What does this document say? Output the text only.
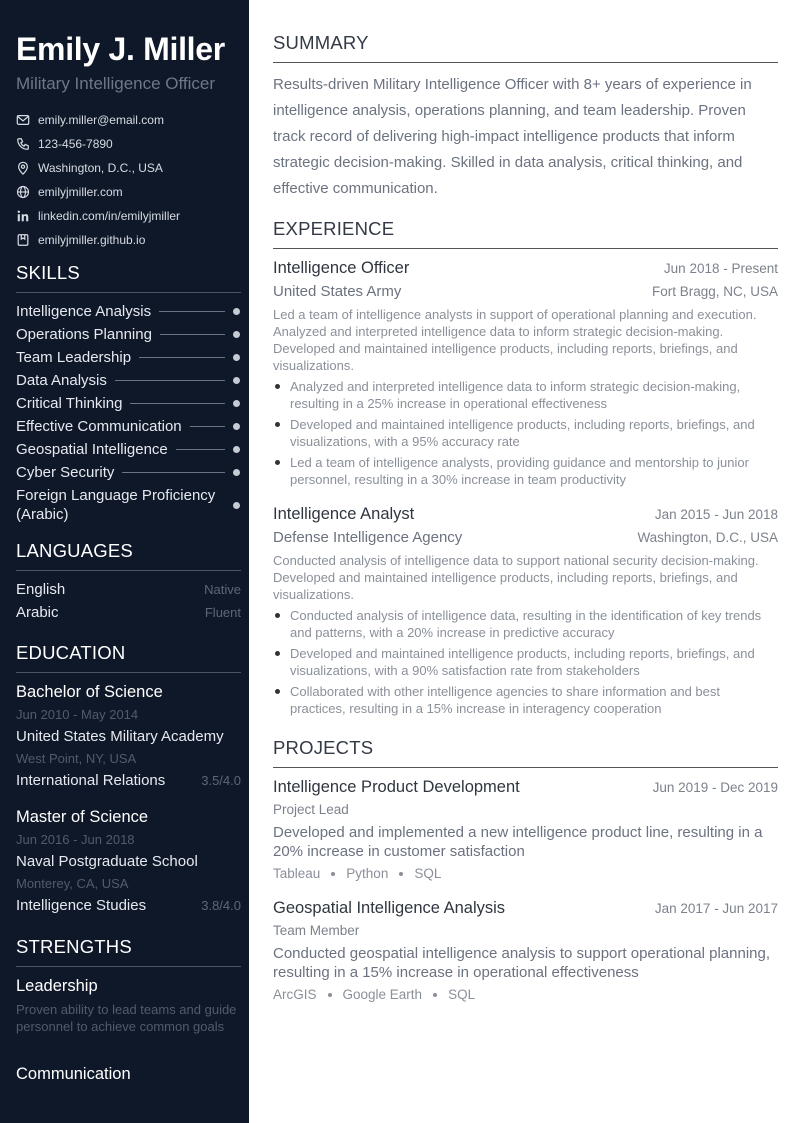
Emily J. Miller
Military Intelligence Officer
emily.miller@email.com
123-456-7890
Washington, D.C., USA
emilyjmiller.com
linkedin.com/in/emilyjmiller
emilyjmiller.github.io
SKILLS
Intelligence Analysis
Operations Planning
Team Leadership
Data Analysis
Critical Thinking
Effective Communication
Geospatial Intelligence
Cyber Security
Foreign Language Proficiency (Arabic)
LANGUAGES
English	Native
Arabic	Fluent
EDUCATION
Bachelor of Science
Jun 2010 - May 2014
United States Military Academy
West Point, NY, USA
International Relations	3.5/4.0
Master of Science
Jun 2016 - Jun 2018
Naval Postgraduate School
Monterey, CA, USA
Intelligence Studies	3.8/4.0
STRENGTHS
Leadership
Proven ability to lead teams and guide personnel to achieve common goals
Communication
SUMMARY
Results-driven Military Intelligence Officer with 8+ years of experience in intelligence analysis, operations planning, and team leadership. Proven track record of delivering high-impact intelligence products that inform strategic decision-making. Skilled in data analysis, critical thinking, and effective communication.
EXPERIENCE
Intelligence Officer	Jun 2018 - Present
United States Army	Fort Bragg, NC, USA
Led a team of intelligence analysts in support of operational planning and execution. Analyzed and interpreted intelligence data to inform strategic decision-making. Developed and maintained intelligence products, including reports, briefings, and visualizations.
Analyzed and interpreted intelligence data to inform strategic decision-making, resulting in a 25% increase in operational effectiveness
Developed and maintained intelligence products, including reports, briefings, and visualizations, with a 95% accuracy rate
Led a team of intelligence analysts, providing guidance and mentorship to junior personnel, resulting in a 30% increase in team productivity
Intelligence Analyst	Jan 2015 - Jun 2018
Defense Intelligence Agency	Washington, D.C., USA
Conducted analysis of intelligence data to support national security decision-making. Developed and maintained intelligence products, including reports, briefings, and visualizations.
Conducted analysis of intelligence data, resulting in the identification of key trends and patterns, with a 20% increase in predictive accuracy
Developed and maintained intelligence products, including reports, briefings, and visualizations, with a 90% satisfaction rate from stakeholders
Collaborated with other intelligence agencies to share information and best practices, resulting in a 15% increase in interagency cooperation
PROJECTS
Intelligence Product Development	Jun 2019 - Dec 2019
Project Lead
Developed and implemented a new intelligence product line, resulting in a 20% increase in customer satisfaction
Tableau Python SQL
Geospatial Intelligence Analysis	Jan 2017 - Jun 2017
Team Member
Conducted geospatial intelligence analysis to support operational planning, resulting in a 15% increase in operational effectiveness
ArcGIS Google Earth SQL
